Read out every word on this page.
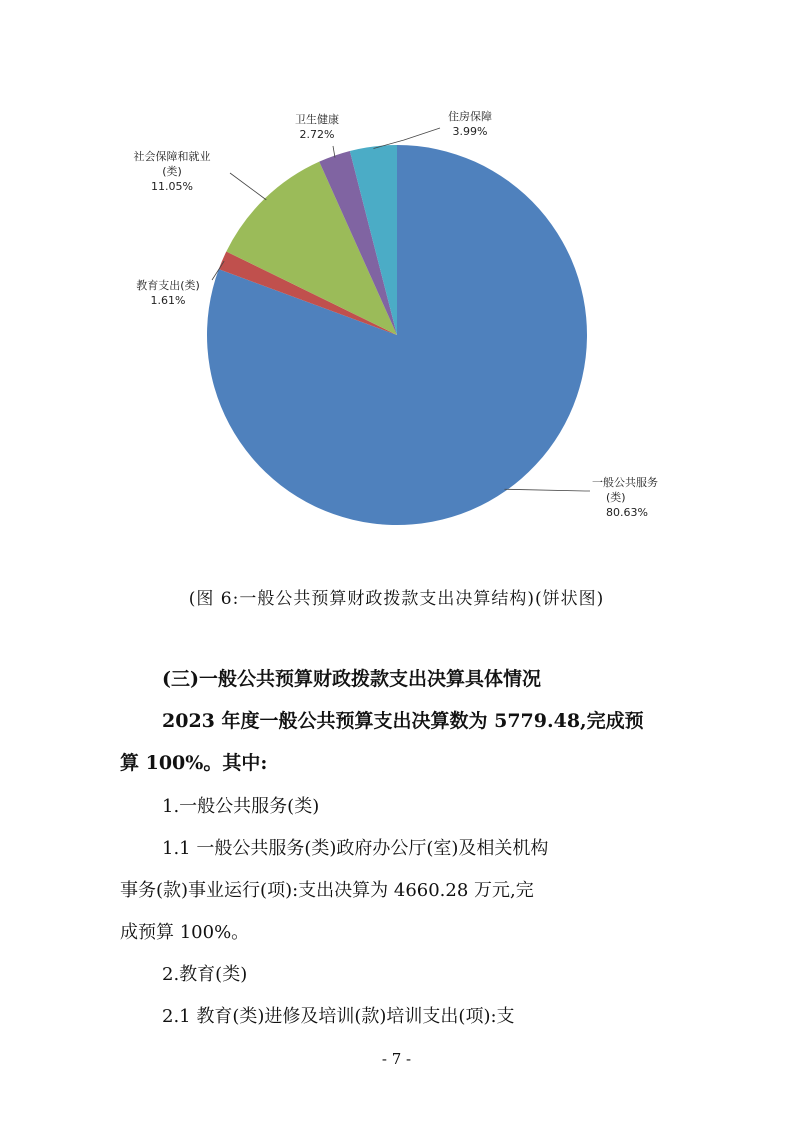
一般公共服务
(类)
80.63%
教育支出(类)
1.61%
社会保障和就业
(类)
11.05%
卫生健康
2.72%
住房保障
3.99%
(图 6:一般公共预算财政拨款支出决算结构)(饼状图)
(三)一般公共预算财政拨款支出决算具体情况
2023 年度一般公共预算支出决算数为 5779.48,完成预
算 100%。其中:
1.一般公共服务(类)
1.1 一般公共服务(类)政府办公厅(室)及相关机构
事务(款)事业运行(项):支出决算为 4660.28 万元,完
成预算 100%。
2.教育(类)
2.1 教育(类)进修及培训(款)培训支出(项):支
- 7 -
